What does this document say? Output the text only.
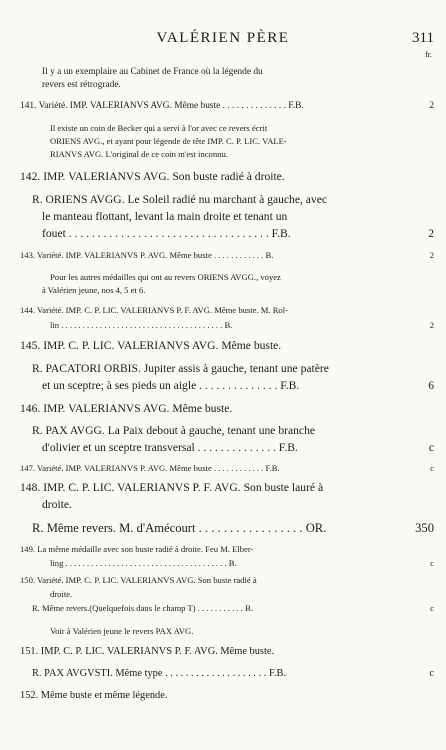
VALÉRIEN PÈRE	311
fr.
Il y a un exemplaire au Cabinet de France où la légende du
revers est rétrograde.
141. Variété. IMP. VALERIANVS AVG. Même buste . . . . . . . . . . . . . . F.B.	2
Il existe un coin de Becker qui a servi à l'or avec ce revers écrit
ORIENS AVG., et ayant pour légende de tête IMP. C. P. LIC. VALE-
RIANVS AVG. L'original de ce coin m'est inconnu.
142. IMP. VALERIANVS AVG. Son buste radié à droite.
R. ORIENS AVGG. Le Soleil radié nu marchant à gauche, avec
le manteau flottant, levant la main droite et tenant un
fouet . . . . . . . . . . . . . . . . . . . . . . . . . . . . . . . . . . . F.B.	2
143. Variété. IMP. VALERIANVS P. AVG. Même buste . . . . . . . . . . . . B.	2
Pour les autres médailles qui ont au revers ORIENS AVGG., voyez
à Valérien jeune, nos 4, 5 et 6.
144. Variété. IMP. C. P. LIC. VALERIANVS P. F. AVG. Même buste. M. Rol-
lin . . . . . . . . . . . . . . . . . . . . . . . . . . . . . . . . . . . . . . B.	2
145. IMP. C. P. LIC. VALERIANVS AVG. Même buste.
R. PACATORI ORBIS. Jupiter assis à gauche, tenant une patère
et un sceptre; à ses pieds un aigle . . . . . . . . . . . . . . F.B.	6
146. IMP. VALERIANVS AVG. Même buste.
R. PAX AVGG. La Paix debout à gauche, tenant une branche
d'olivier et un sceptre transversal . . . . . . . . . . . . . . F.B.	c
147. Variété. IMP. VALERIANVS P. AVG. Même buste . . . . . . . . . . . . F.B.	c
148. IMP. C. P. LIC. VALERIANVS P. F. AVG. Son buste lauré à
droite.
R. Même revers. M. d'Amécourt . . . . . . . . . . . . . . . . . OR.	350
149. La même médaille avec son buste radié à droite. Feu M. Elber-
ling . . . . . . . . . . . . . . . . . . . . . . . . . . . . . . . . . . . . . . B.	c
150. Variété. IMP. C. P. LIC. VALERIANVS AVG. Son buste radié à
droite.
R. Même revers.(Quelquefois dans le champ T) . . . . . . . . . . . B.	c
Voir à Valérien jeune le revers PAX AVG.
151. IMP. C. P. LIC. VALERIANVS P. F. AVG. Même buste.
R. PAX AVGVSTI. Même type . . . . . . . . . . . . . . . . . . . . F.B.	c
152. Même buste et même légende.
